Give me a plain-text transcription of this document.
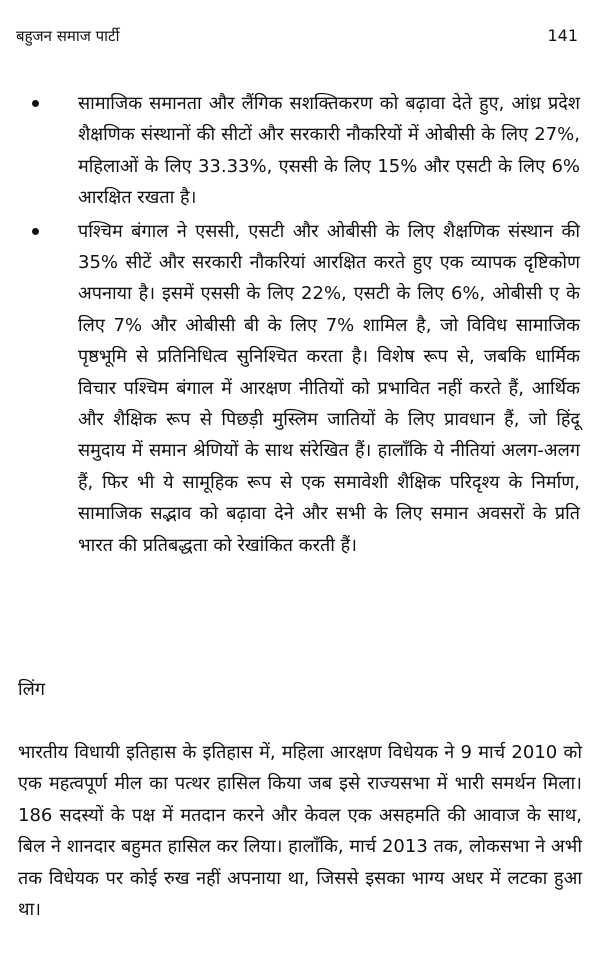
बहुजन समाज पार्टी	141
सामाजिक समानता और लैंगिक सशक्तिकरण को बढ़ावा देते हुए, आंध्र प्रदेश शैक्षणिक संस्थानों की सीटों और सरकारी नौकरियों में ओबीसी के लिए 27%, महिलाओं के लिए 33.33%, एससी के लिए 15% और एसटी के लिए 6% आरक्षित रखता है।
पश्चिम बंगाल ने एससी, एसटी और ओबीसी के लिए शैक्षणिक संस्थान की 35% सीटें और सरकारी नौकरियां आरक्षित करते हुए एक व्यापक दृष्टिकोण अपनाया है। इसमें एससी के लिए 22%, एसटी के लिए 6%, ओबीसी ए के लिए 7% और ओबीसी बी के लिए 7% शामिल है, जो विविध सामाजिक पृष्ठभूमि से प्रतिनिधित्व सुनिश्चित करता है। विशेष रूप से, जबकि धार्मिक विचार पश्चिम बंगाल में आरक्षण नीतियों को प्रभावित नहीं करते हैं, आर्थिक और शैक्षिक रूप से पिछड़ी मुस्लिम जातियों के लिए प्रावधान हैं, जो हिंदू समुदाय में समान श्रेणियों के साथ संरेखित हैं। हालाँकि ये नीतियां अलग-अलग हैं, फिर भी ये सामूहिक रूप से एक समावेशी शैक्षिक परिदृश्य के निर्माण, सामाजिक सद्भाव को बढ़ावा देने और सभी के लिए समान अवसरों के प्रति भारत की प्रतिबद्धता को रेखांकित करती हैं।
लिंग

भारतीय विधायी इतिहास के इतिहास में, महिला आरक्षण विधेयक ने 9 मार्च 2010 को एक महत्वपूर्ण मील का पत्थर हासिल किया जब इसे राज्यसभा में भारी समर्थन मिला। 186 सदस्यों के पक्ष में मतदान करने और केवल एक असहमति की आवाज के साथ, बिल ने शानदार बहुमत हासिल कर लिया। हालाँकि, मार्च 2013 तक, लोकसभा ने अभी तक विधेयक पर कोई रुख नहीं अपनाया था, जिससे इसका भाग्य अधर में लटका हुआ था।
